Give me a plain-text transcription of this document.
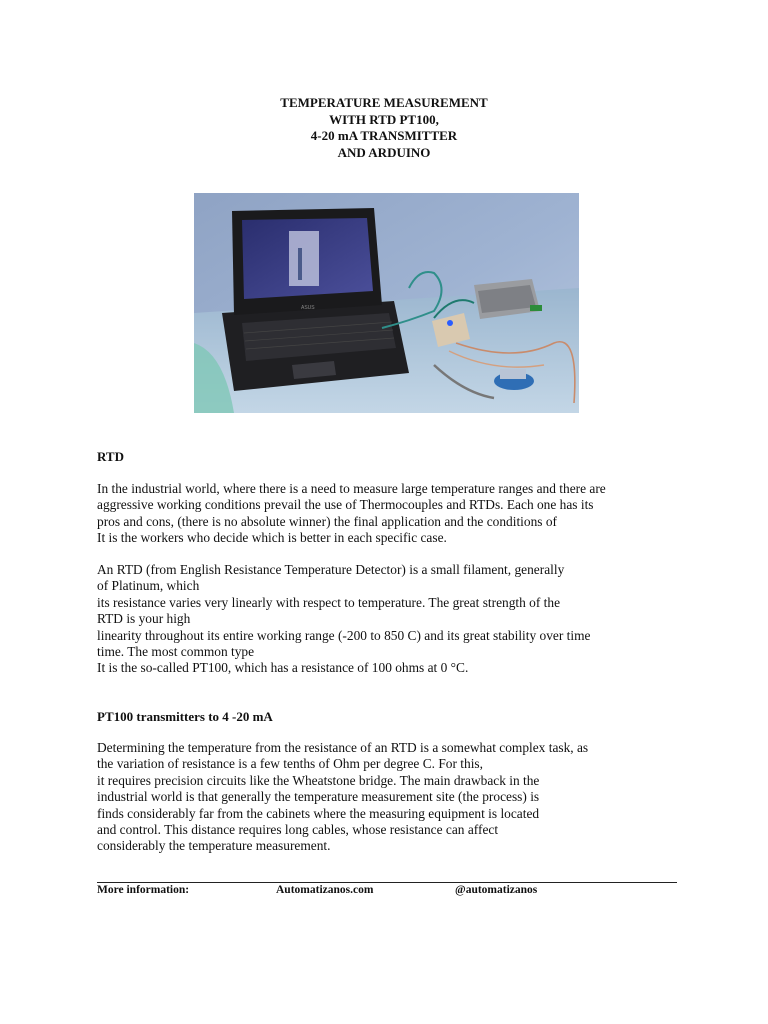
TEMPERATURE MEASUREMENT
WITH RTD PT100,
4-20 mA TRANSMITTER
AND ARDUINO
ASUS
RTD
In the industrial world, where there is a need to measure large temperature ranges and there are
aggressive working conditions prevail the use of Thermocouples and RTDs. Each one has its
pros and cons, (there is no absolute winner) the final application and the conditions of
It is the workers who decide which is better in each specific case.
An RTD (from English Resistance Temperature Detector) is a small filament, generally
of Platinum, which
its resistance varies very linearly with respect to temperature. The great strength of the
RTD is your high
linearity throughout its entire working range (-200 to 850 C) and its great stability over time
time. The most common type
It is the so-called PT100, which has a resistance of 100 ohms at 0 °C.
PT100 transmitters to 4 -20 mA
Determining the temperature from the resistance of an RTD is a somewhat complex task, as
the variation of resistance is a few tenths of Ohm per degree C. For this,
it requires precision circuits like the Wheatstone bridge. The main drawback in the
industrial world is that generally the temperature measurement site (the process) is
finds considerably far from the cabinets where the measuring equipment is located
and control. This distance requires long cables, whose resistance can affect
considerably the temperature measurement.
More information:	Automatizanos.com	@automatizanos
